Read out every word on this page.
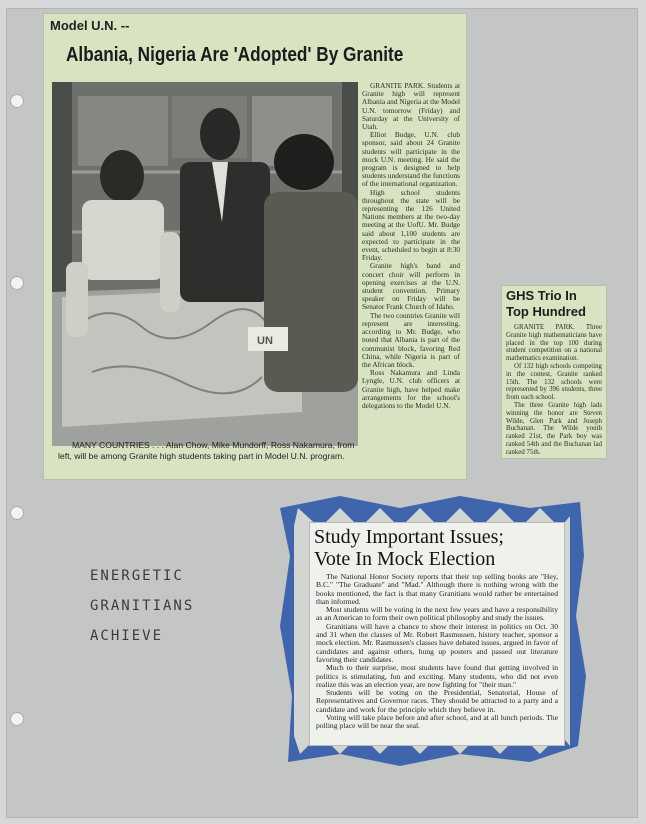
Model U.N. --
Albania, Nigeria Are 'Adopted' By Granite
UN

GRANITE PARK. Students at Granite high will represent Albania and Nigeria at the Model U.N. tomorrow (Friday) and Saturday at the University of Utah.

Elliot Budge, U.N. club sponsor, said about 24 Granite students will participate in the mock U.N. meeting. He said the program is designed to help students understand the functions of the international organization.

High school students throughout the state will be representing the 126 United Nations members at the two-day meeting at the UofU. Mr. Budge said about 1,100 students are expected to participate in the event, scheduled to begin at 8:30 Friday.

Granite high's band and concert choir will perform in opening exercises at the U.N. student convention. Primary speaker on Friday will be Senator Frank Church of Idaho.

The two countries Granite will represent are interesting, according to Mr. Budge, who noted that Albania is part of the communist block, favoring Red China, while Nigeria is part of the African block.

Ross Nakamura and Linda Lyngle, U.N. club officers at Granite high, have helped make arrangements for the school's delegations to the Model U.N.

MANY COUNTRIES . . . Alan Chow, Mike Mundorff, Ross Nakamura, from left, will be among Granite high students taking part in Model U.N. program.
GHS Trio In
Top Hundred

GRANITE PARK. Three Granite high mathematicians have placed in the top 100 during student competition on a national mathematics examination.

Of 132 high schools competing in the contest, Granite ranked 15th. The 132 schools were represented by 396 students, three from each school.

The three Granite high lads winning the honor are Steven Wilde, Glen Park and Joseph Buchanan. The Wilde youth ranked 21st, the Park boy was ranked 54th and the Buchanan lad ranked 75th.

ENERGETIC
GRANITIANS
ACHIEVE
Study Important Issues;
Vote In Mock Election

The National Honor Society reports that their top selling books are "Hey, B.C." "The Graduate" and "Mad." Although there is nothing wrong with the books mentioned, the fact is that many Granitians would rather be entertained than informed.

Most students will be voting in the next few years and have a responsibility as an American to form their own political philosophy and study the issues.

Granitians will have a chance to show their interest in politics on Oct. 30 and 31 when the classes of Mr. Robert Rasmussen, history teacher, sponsor a mock election. Mr. Rasmussen's classes have debated issues, argued in favor of candidates and against others, hung up posters and passed out literature favoring their candidates.

Much to their surprise, most students have found that getting involved in politics is stimulating, fun and exciting. Many students, who did not even realize this was an election year, are now fighting for "their man."

Students will be voting on the Presidential, Senatorial, House of Representatives and Governor races. They should be attracted to a party and a candidate and work for the principle which they believe in.

Voting will take place before and after school, and at all lunch periods. The polling place will be near the seal.
